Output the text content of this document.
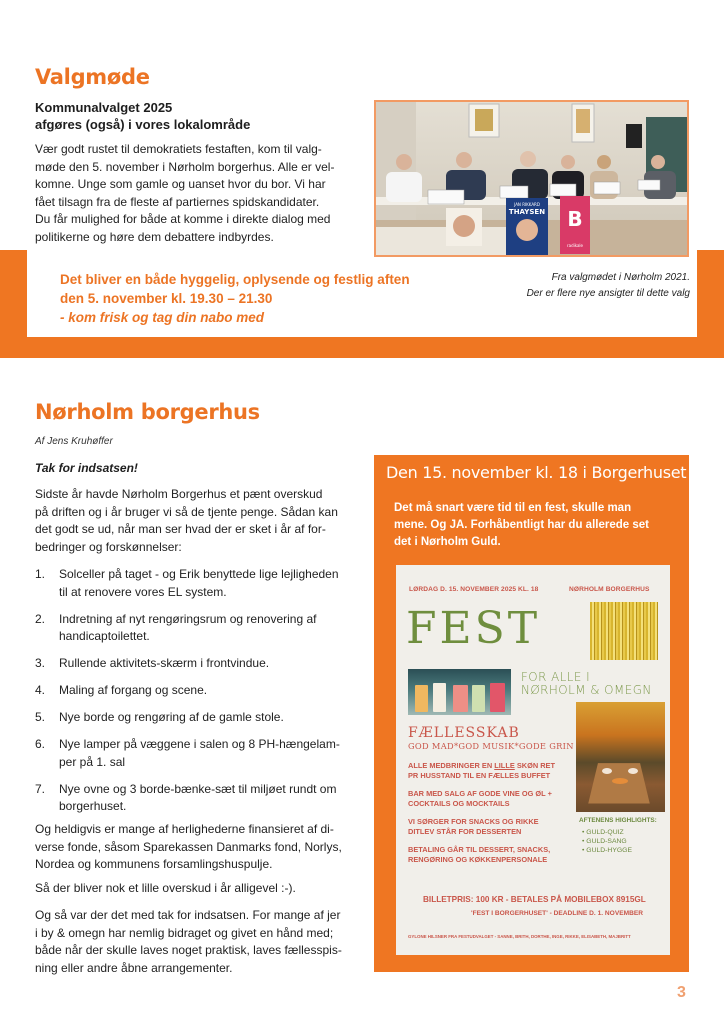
Valgmøde
Kommunalvalget 2025
afgøres (også) i vores lokalområde
Vær godt rustet til demokratiets festaften, kom til valg-
møde den 5. november i Nørholm borgerhus. Alle er vel-
komne. Unge som gamle og uanset hvor du bor. Vi har
fået tilsagn fra de fleste af partiernes spidskandidater.
Du får mulighed for både at komme i direkte dialog med
politikerne og høre dem debattere indbyrdes.
JAN RIKKARD
THAYSEN B
radikale
Det bliver en både hyggelig, oplysende og festlig aften
den 5. november kl. 19.30 – 21.30
- kom frisk og tag din nabo med
Fra valgmødet i Nørholm 2021.
Der er flere nye ansigter til dette valg
Nørholm borgerhus
Af Jens Kruhøffer
Tak for indsatsen!
Sidste år havde Nørholm Borgerhus et pænt overskud
på driften og i år bruger vi så de tjente penge. Sådan kan
det godt se ud, når man ser hvad der er sket i år af for-
bedringer og forskønnelser:
1. Solceller på taget - og Erik benyttede lige lejligheden
til at renovere vores EL system.
2. Indretning af nyt rengøringsrum og renovering af
handicaptoilettet.
3. Rullende aktivitets-skærm i frontvindue.
4. Maling af forgang og scene.
5. Nye borde og rengøring af de gamle stole.
6. Nye lamper på væggene i salen og 8 PH-hængelam-
per på 1. sal
7. Nye ovne og 3 borde-bænke-sæt til miljøet rundt om
borgerhuset.
Og heldigvis er mange af herlighederne finansieret af di-
verse fonde, såsom Sparekassen Danmarks fond, Norlys,
Nordea og kommunens forsamlingshuspulje.
Så der bliver nok et lille overskud i år alligevel :-).
Og så var der det med tak for indsatsen. For mange af jer
i by & omegn har nemlig bidraget og givet en hånd med;
både når der skulle laves noget praktisk, laves fællesspis-
ning eller andre åbne arrangementer.
Den 15. november kl. 18 i Borgerhuset
Det må snart være tid til en fest, skulle man
mene. Og JA. Forhåbentligt har du allerede set
det i Nørholm Guld.
LØRDAG D. 15. NOVEMBER 2025 KL. 18	NØRHOLM BORGERHUS
FEST
FOR ALLE I
NØRHOLM & OMEGN
FÆLLESSKAB
GOD MAD*GOD MUSIK*GODE GRIN
ALLE MEDBRINGER EN LILLE SKØN RET
PR HUSSTAND TIL EN FÆLLES BUFFET
BAR MED SALG AF GODE VINE OG ØL +
COCKTAILS OG MOCKTAILS
VI SØRGER FOR SNACKS OG RIKKE
DITLEV STÅR FOR DESSERTEN
BETALING GÅR TIL DESSERT, SNACKS,
RENGØRING OG KØKKENPERSONALE
AFTENENS HIGHLIGHTS:
• GULD-QUIZ
• GULD-SANG
• GULD-HYGGE
BILLETPRIS: 100 KR - BETALES PÅ MOBILEBOX 8915GL
'FEST I BORGERHUSET' - DEADLINE D. 1. NOVEMBER
GYLONE HILSNER FRA FESTUDVALGET - SANNE, BRITH, DORTHE, INGE, RIKKE, ELISABETH, MAJBRITT
3
